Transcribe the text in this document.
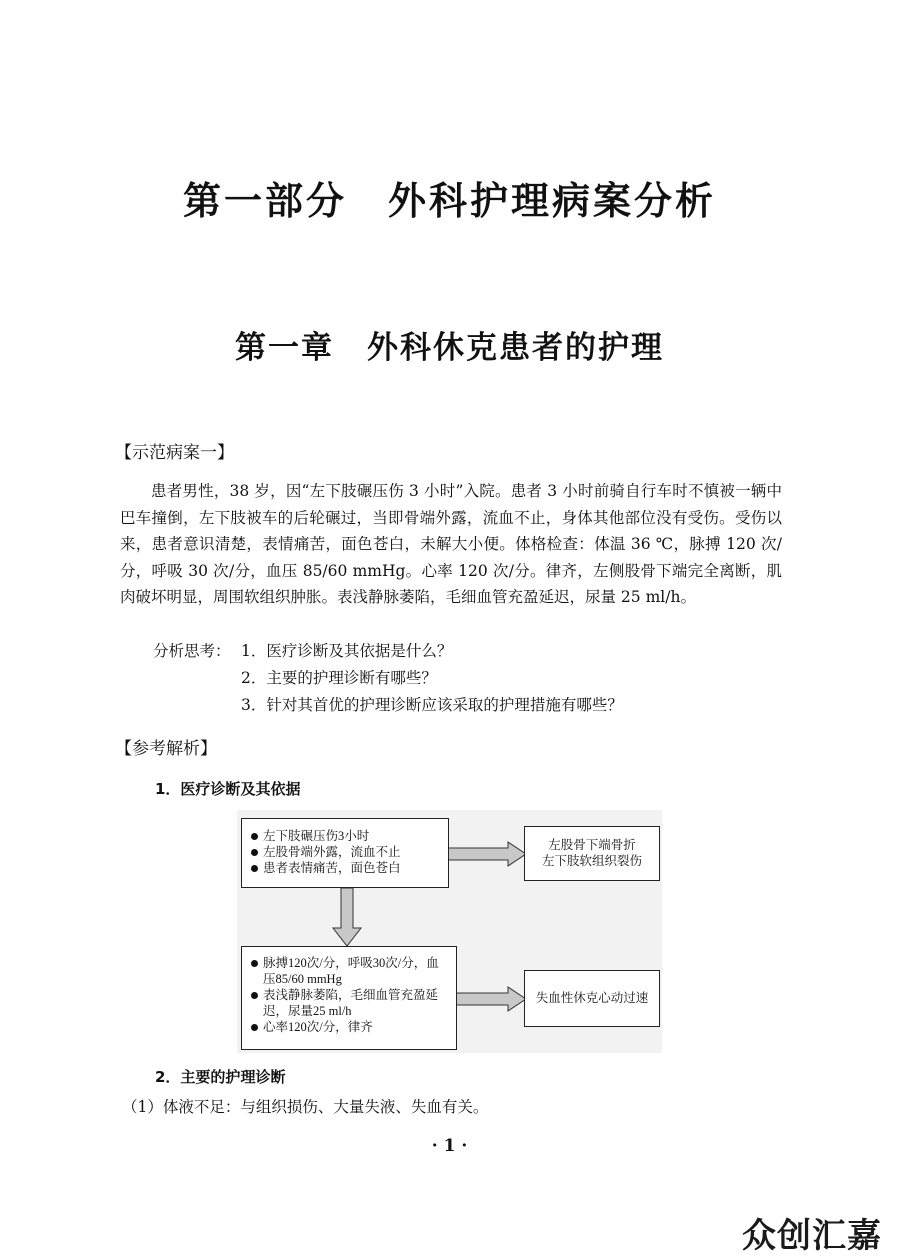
第一部分　外科护理病案分析
第一章　外科休克患者的护理
【示范病案一】

患者男性，38 岁，因“左下肢碾压伤 3 小时”入院。患者 3 小时前骑自行车时不慎被一辆中巴车撞倒，左下肢被车的后轮碾过，当即骨端外露，流血不止，身体其他部位没有受伤。受伤以来，患者意识清楚，表情痛苦，面色苍白，未解大小便。体格检查：体温 36 ℃，脉搏 120 次/分，呼吸 30 次/分，血压 85/60 mmHg。心率 120 次/分。律齐，左侧股骨下端完全离断，肌肉破坏明显，周围软组织肿胀。表浅静脉萎陷，毛细血管充盈延迟，尿量 25 ml/h。

分析思考： 1．医疗诊断及其依据是什么？
2．主要的护理诊断有哪些？
3．针对其首优的护理诊断应该采取的护理措施有哪些？
【参考解析】
1．医疗诊断及其依据
左下肢碾压伤3小时
左股骨端外露，流血不止
患者表情痛苦，面色苍白
左股骨下端骨折
左下肢软组织裂伤
脉搏120次/分，呼吸30次/分，血压85/60 mmHg
表浅静脉萎陷，毛细血管充盈延迟，尿量25 ml/h
心率120次/分，律齐
失血性休克心动过速
2．主要的护理诊断
（1）体液不足：与组织损伤、大量失液、失血有关。
· 1 ·
众创汇嘉
